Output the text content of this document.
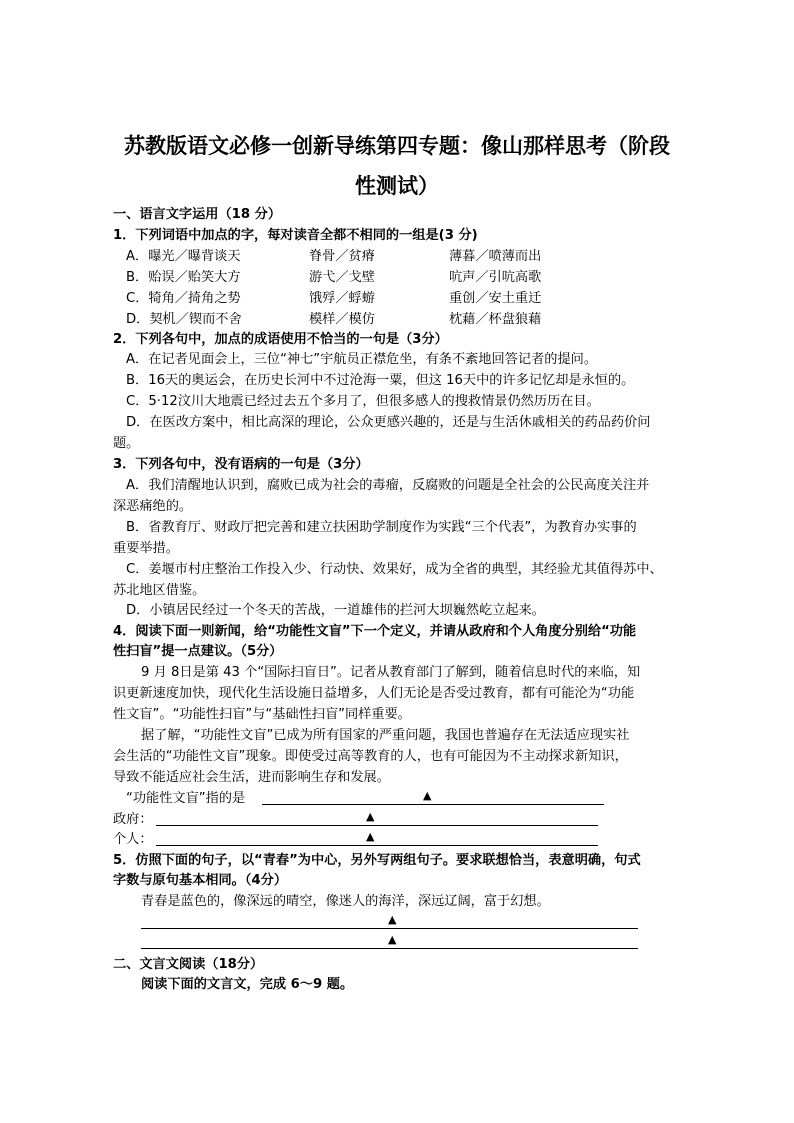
苏教版语文必修一创新导练第四专题：像山那样思考（阶段
性测试）
一、语言文字运用（18 分）
1．下列词语中加点的字，每对读音全都不相同的一组是(3 分)
A．曝光／曝背谈天	脊骨／贫瘠	薄暮／喷薄而出
B．贻误／贻笑大方	游弋／戈壁	吭声／引吭高歌
C．犄角／掎角之势	饿殍／蜉蝣	重创／安土重迁
D．契机／锲而不舍	模样／模仿	枕藉／杯盘狼藉
2．下列各句中，加点的成语使用不恰当的一句是（3分）
A．在记者见面会上，三位“神七”宇航员正襟危坐，有条不紊地回答记者的提问。
B．16天的奥运会，在历史长河中不过沧海一粟，但这 16天中的许多记忆却是永恒的。
C．5·12汶川大地震已经过去五个多月了，但很多感人的搜救情景仍然历历在目。
D．在医改方案中，相比高深的理论，公众更感兴趣的，还是与生活休戚相关的药品药价问
题。
3．下列各句中，没有语病的一句是（3分）
A．我们清醒地认识到，腐败已成为社会的毒瘤，反腐败的问题是全社会的公民高度关注并
深恶痛绝的。
B．省教育厅、财政厅把完善和建立扶困助学制度作为实践“三个代表”，为教育办实事的
重要举措。
C．姜堰市村庄整治工作投入少、行动快、效果好，成为全省的典型，其经验尤其值得苏中、
苏北地区借鉴。
D．小镇居民经过一个冬天的苦战，一道雄伟的拦河大坝巍然屹立起来。
4．阅读下面一则新闻，给“功能性文盲”下一个定义，并请从政府和个人角度分别给“功能
性扫盲”提一点建议。（5分）
9 月 8日是第 43 个“国际扫盲日”。记者从教育部门了解到，随着信息时代的来临，知
识更新速度加快，现代化生活设施日益增多，人们无论是否受过教育，都有可能沦为“功能
性文盲”。“功能性扫盲”与“基础性扫盲”同样重要。
据了解，“功能性文盲”已成为所有国家的严重问题，我国也普遍存在无法适应现实社
会生活的“功能性文盲”现象。即使受过高等教育的人，也有可能因为不主动探求新知识，
导致不能适应社会生活，进而影响生存和发展。
“功能性文盲”指的是	▲
政府：	▲
个人：	▲
5．仿照下面的句子，以“青春”为中心，另外写两组句子。要求联想恰当，表意明确，句式
字数与原句基本相同。（4分）
青春是蓝色的，像深远的晴空，像迷人的海洋，深远辽阔，富于幻想。
▲
▲
二、文言文阅读（18分）
阅读下面的文言文，完成 6～9 题。
